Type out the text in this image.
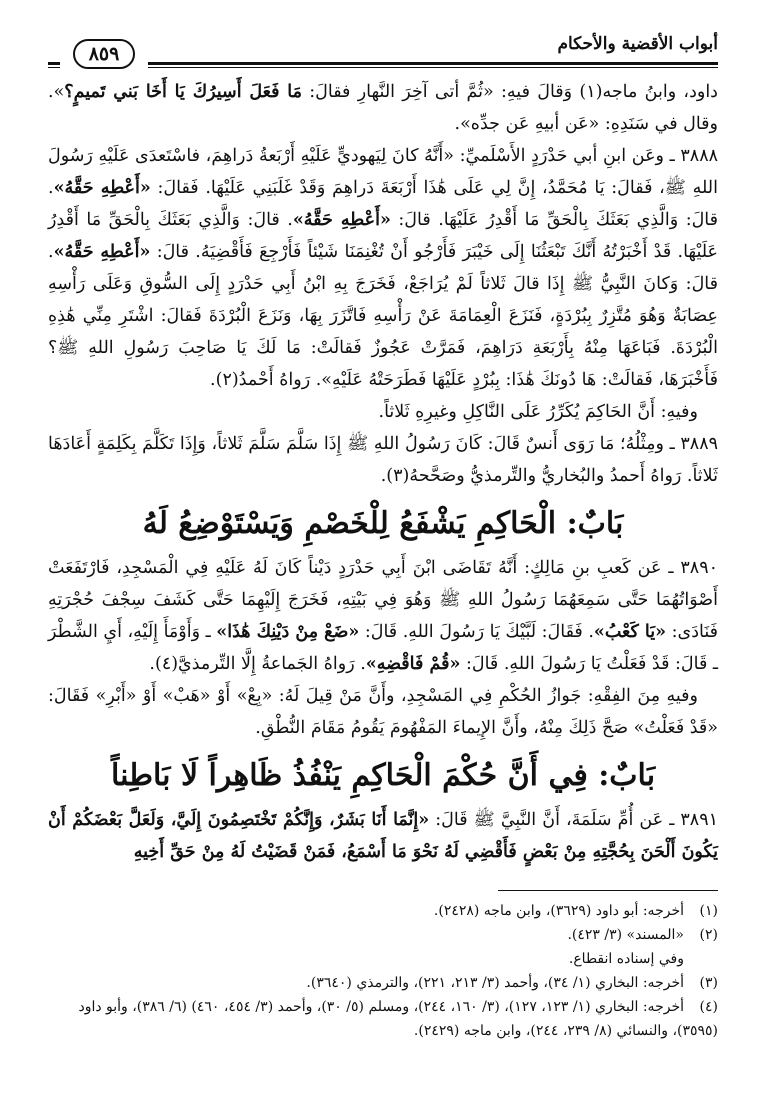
أبواب الأقضية والأحكام
٨٥٩

داود، وابنُ ماجه(١) وَقالَ فيهِ: «ثُمَّ أتى آخِرَ النَّهارِ فقالَ: مَا فَعَلَ أَسِيرُكَ يَا أَخَا بَني تَميمٍ؟». وقال في سَنَدِهِ: «عَن أبيهِ عَن جدِّه».

٣٨٨٨ ـ وعَن ابنِ أبي حَدْرَدٍ الأَسْلَميِّ: «أَنَّهُ كانَ لِيَهوديٍّ عَلَيْهِ أَرْبَعةُ دَراهِمَ، فاسْتَعدَى عَلَيْهِ رَسُولَ اللهِ ﷺ، فَقالَ: يَا مُحَمَّدُ، إِنَّ لِي عَلَى هَٰذَا أَرْبَعَةَ دَراهِمَ وَقَدْ غَلَبَنِي عَلَيْهَا. فَقالَ: «أَعْطِهِ حَقَّهُ». قالَ: وَالَّذِي بَعَثَكَ بِالْحَقِّ مَا أَقْدِرُ عَلَيْهَا. قالَ: «أَعْطِهِ حَقَّهُ». قالَ: وَالَّذِي بَعَثَكَ بِالْحَقِّ مَا أَقْدِرُ عَلَيْهَا. قَدْ أَخْبَرْتُهُ أَنَّكَ تَبْعَثُنَا إِلَى خَيْبَرَ فَأَرْجُو أَنْ تُغْنِمَنَا شَيْئاً فَأَرْجِعَ فَأَقْضِيَهُ. قالَ: «أَعْطِهِ حَقَّهُ». قالَ: وَكانَ النَّبِيُّ ﷺ إِذَا قالَ ثَلاثاً لَمْ يُرَاجَعْ، فَخَرَجَ بِهِ ابْنُ أَبِي حَدْرَدٍ إِلَى السُّوقِ وَعَلَى رَأْسِهِ عِصَابَةٌ وَهُوَ مُتَّزِرٌ بِبُرْدَةٍ، فَنَزَعَ الْعِمَامَةَ عَنْ رَأْسِهِ فَاتَّزَرَ بِهَا، وَنَزَعَ الْبُرْدَةَ فَقالَ: اشْتَرِ مِنِّي هَٰذِهِ الْبُرْدَةَ. فَبَاعَهَا مِنْهُ بِأَرْبَعَةِ دَرَاهِمَ، فَمَرَّتْ عَجُوزٌ فَقالَتْ: مَا لَكَ يَا صَاحِبَ رَسُولِ اللهِ ﷺ؟ فَأَخْبَرَهَا، فَقالَتْ: هَا دُونَكَ هَٰذَا: بِبُرْدٍ عَلَيْهَا فَطَرَحَتْهُ عَلَيْهِ». رَواهُ أَحْمدُ(٢).

وفيهِ: أَنَّ الحَاكِمَ يُكَرِّرُ عَلَى النَّاكِلِ وغيرِهِ ثَلاثاً.

٣٨٨٩ ـ ومِثْلُهُ؛ مَا رَوَى أَنسٌ قَالَ: كَانَ رَسُولُ اللهِ ﷺ إِذَا سَلَّمَ سَلَّمَ ثَلاثاً، وَإِذَا تَكَلَّمَ بِكَلِمَةٍ أَعَادَهَا ثَلاثاً. رَواهُ أَحمدُ والبُخاريُّ والتِّرمذيُّ وصَحَّحهُ(٣).

بَابٌ: الْحَاكِمِ يَشْفَعُ لِلْخَصْمِ وَيَسْتَوْضِعُ لَهُ

٣٨٩٠ ـ عَن كَعبِ بنِ مَالِكٍ: أَنَّهُ تَقَاضَى ابْنَ أَبِي حَدْرَدٍ دَيْناً كَانَ لَهُ عَلَيْهِ فِي الْمَسْجِدِ، فَارْتَفَعَتْ أَصْوَاتُهُمَا حَتَّى سَمِعَهُمَا رَسُولُ اللهِ ﷺ وَهُوَ فِي بَيْتِهِ، فَخَرَجَ إِلَيْهِمَا حَتَّى كَشَفَ سِجْفَ حُجْرَتِهِ فَنَادَى: «يَا كَعْبُ». فَقَالَ: لَبَّيْكَ يَا رَسُولَ اللهِ. قَالَ: «ضَعْ مِنْ دَيْنِكَ هَٰذَا» ـ وَأَوْمَأَ إِلَيْهِ، أَيِ الشَّطْرَ ـ قَالَ: قَدْ فَعَلْتُ يَا رَسُولَ اللهِ. قَالَ: «قُمْ فَاقْضِهِ». رَواهُ الجَماعةُ إِلَّا التِّرمذيَّ(٤).

وفيهِ مِنَ الفِقْهِ: جَوازُ الحُكْمِ فِي المَسْجِدِ، وأَنَّ مَنْ قِيلَ لَهُ: «بِعْ» أَوْ «هَبْ» أَوْ «أَبْرِ» فَقَالَ: «قَدْ فَعَلْتُ» صَحَّ ذَلِكَ مِنْهُ، وأَنَّ الإِيماءَ المَفْهُومَ يَقُومُ مَقَامَ النُّطْقِ.

بَابٌ: فِي أَنَّ حُكْمَ الْحَاكِمِ يَنْفُذُ ظَاهِراً لَا بَاطِناً

٣٨٩١ ـ عَن أُمِّ سَلَمَةَ، أَنَّ النَّبِيَّ ﷺ قَالَ: «إِنَّمَا أَنَا بَشَرٌ، وَإِنَّكُمْ تَخْتَصِمُونَ إِلَيَّ، وَلَعَلَّ بَعْضَكُمْ أَنْ يَكُونَ أَلْحَنَ بِحُجَّتِهِ مِنْ بَعْضٍ فَأَقْضِي لَهُ نَحْوَ مَا أَسْمَعُ، فَمَنْ قَضَيْتُ لَهُ مِنْ حَقِّ أَخِيهِ

(١)أخرجه: أبو داود (٣٦٢٩)، وابن ماجه (٢٤٢٨).

(٢)«المسند» (٣/ ٤٢٣).

وفي إسناده انقطاع.

(٣)أخرجه: البخاري (١/ ٣٤)، وأحمد (٣/ ٢١٣، ٢٢١)، والترمذي (٣٦٤٠).

(٤)أخرجه: البخاري (١/ ١٢٣، ١٢٧)، (٣/ ١٦٠، ٢٤٤)، ومسلم (٥/ ٣٠)، وأحمد (٣/ ٤٥٤، ٤٦٠) (٦/ ٣٨٦)، وأبو داود (٣٥٩٥)، والنسائي (٨/ ٢٣٩، ٢٤٤)، وابن ماجه (٢٤٢٩).
